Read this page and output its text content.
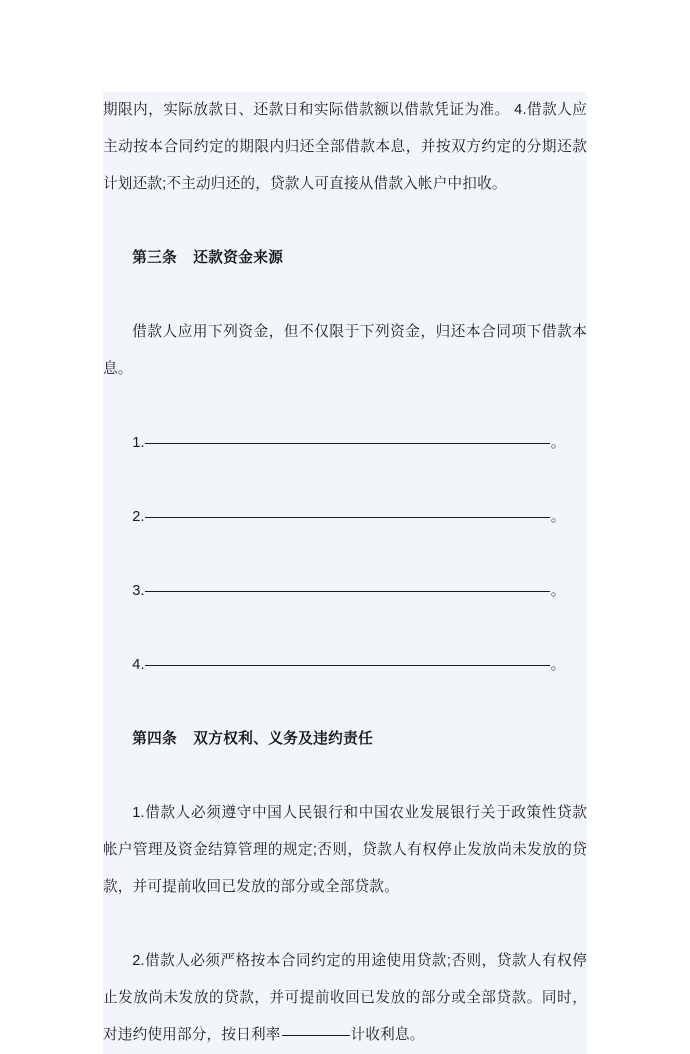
期限内，实际放款日、还款日和实际借款额以借款凭证为准。 4.借款人应主动按本合同约定的期限内归还全部借款本息，并按双方约定的分期还款计划还款;不主动归还的，贷款人可直接从借款入帐户中扣收。

第三条 还款资金来源

借款人应用下列资金，但不仅限于下列资金，归还本合同项下借款本息。

1.	。
2.	。
3.	。
4.	。

第四条 双方权利、义务及违约责任

1.借款人必须遵守中国人民银行和中国农业发展银行关于政策性贷款帐户管理及资金结算管理的规定;否则，贷款人有权停止发放尚未发放的贷款，并可提前收回已发放的部分或全部贷款。

2.借款人必须严格按本合同约定的用途使用贷款;否则，贷款人有权停止发放尚未发放的贷款，并可提前收回已发放的部分或全部贷款。同时，对违约使用部分，按日利率	计收利息。
